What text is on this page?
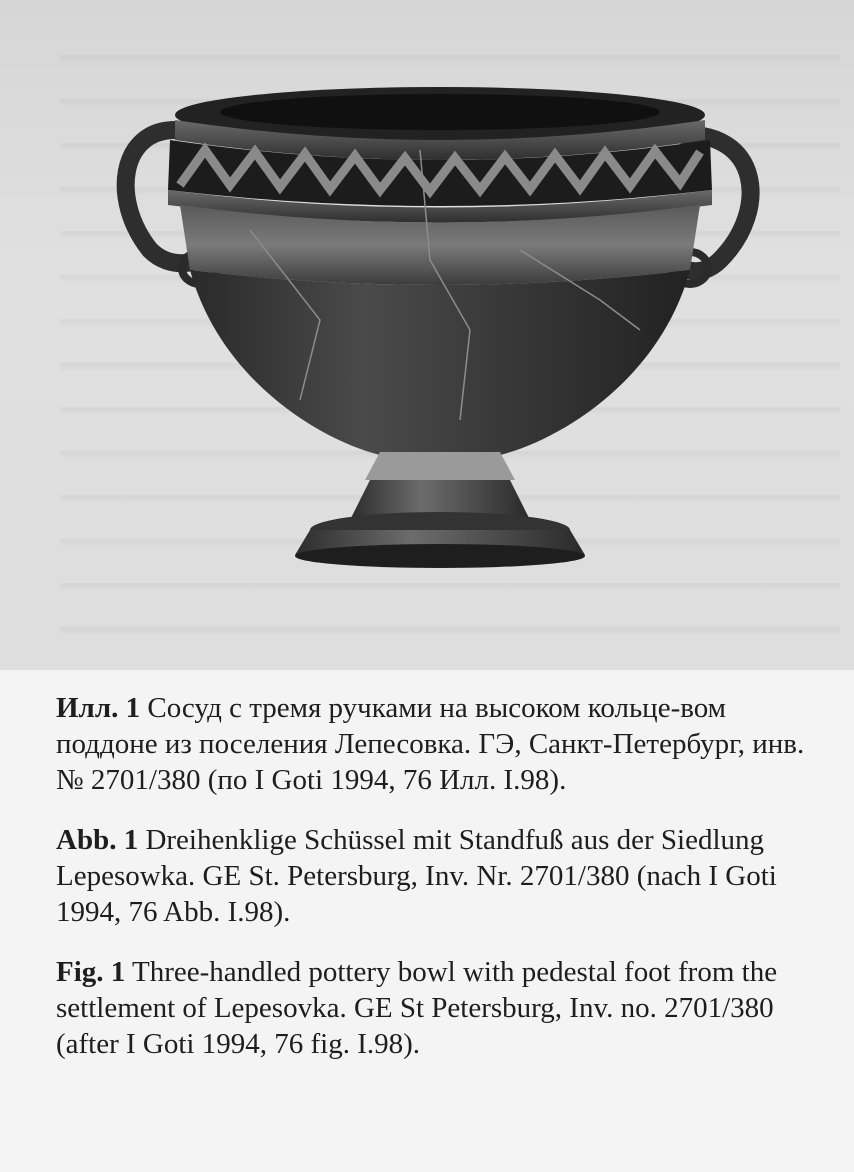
Илл. 1 Сосуд с тремя ручками на высоком кольце-вом поддоне из поселения Лепесовка. ГЭ, Санкт-Петербург, инв. № 2701/380 (по I Goti 1994, 76 Илл. I.98).

Abb. 1 Dreihenklige Schüssel mit Standfuß aus der Siedlung Lepesowka. GE St. Petersburg, Inv. Nr. 2701/380 (nach I Goti 1994, 76 Abb. I.98).

Fig. 1 Three-handled pottery bowl with pedestal foot from the settlement of Lepesovka. GE St Petersburg, Inv. no. 2701/380 (after I Goti 1994, 76 fig. I.98).
